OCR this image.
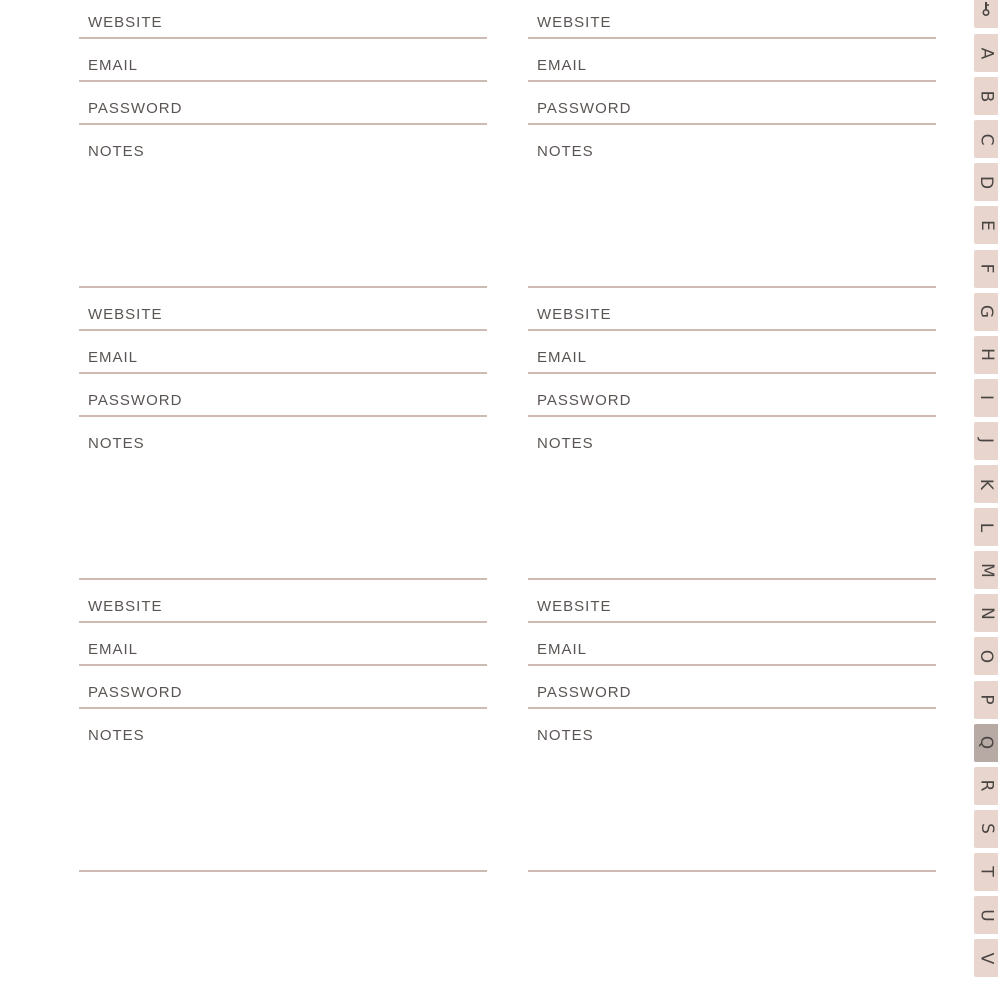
WEBSITE
EMAIL
PASSWORD
NOTES
WEBSITE
EMAIL
PASSWORD
NOTES
WEBSITE
EMAIL
PASSWORD
NOTES
WEBSITE
EMAIL
PASSWORD
NOTES
WEBSITE
EMAIL
PASSWORD
NOTES
WEBSITE
EMAIL
PASSWORD
NOTES
A
B
C
D
E
F
G
H
I
J
K
L
M
N
O
P
Q
R
S
T
U
V
